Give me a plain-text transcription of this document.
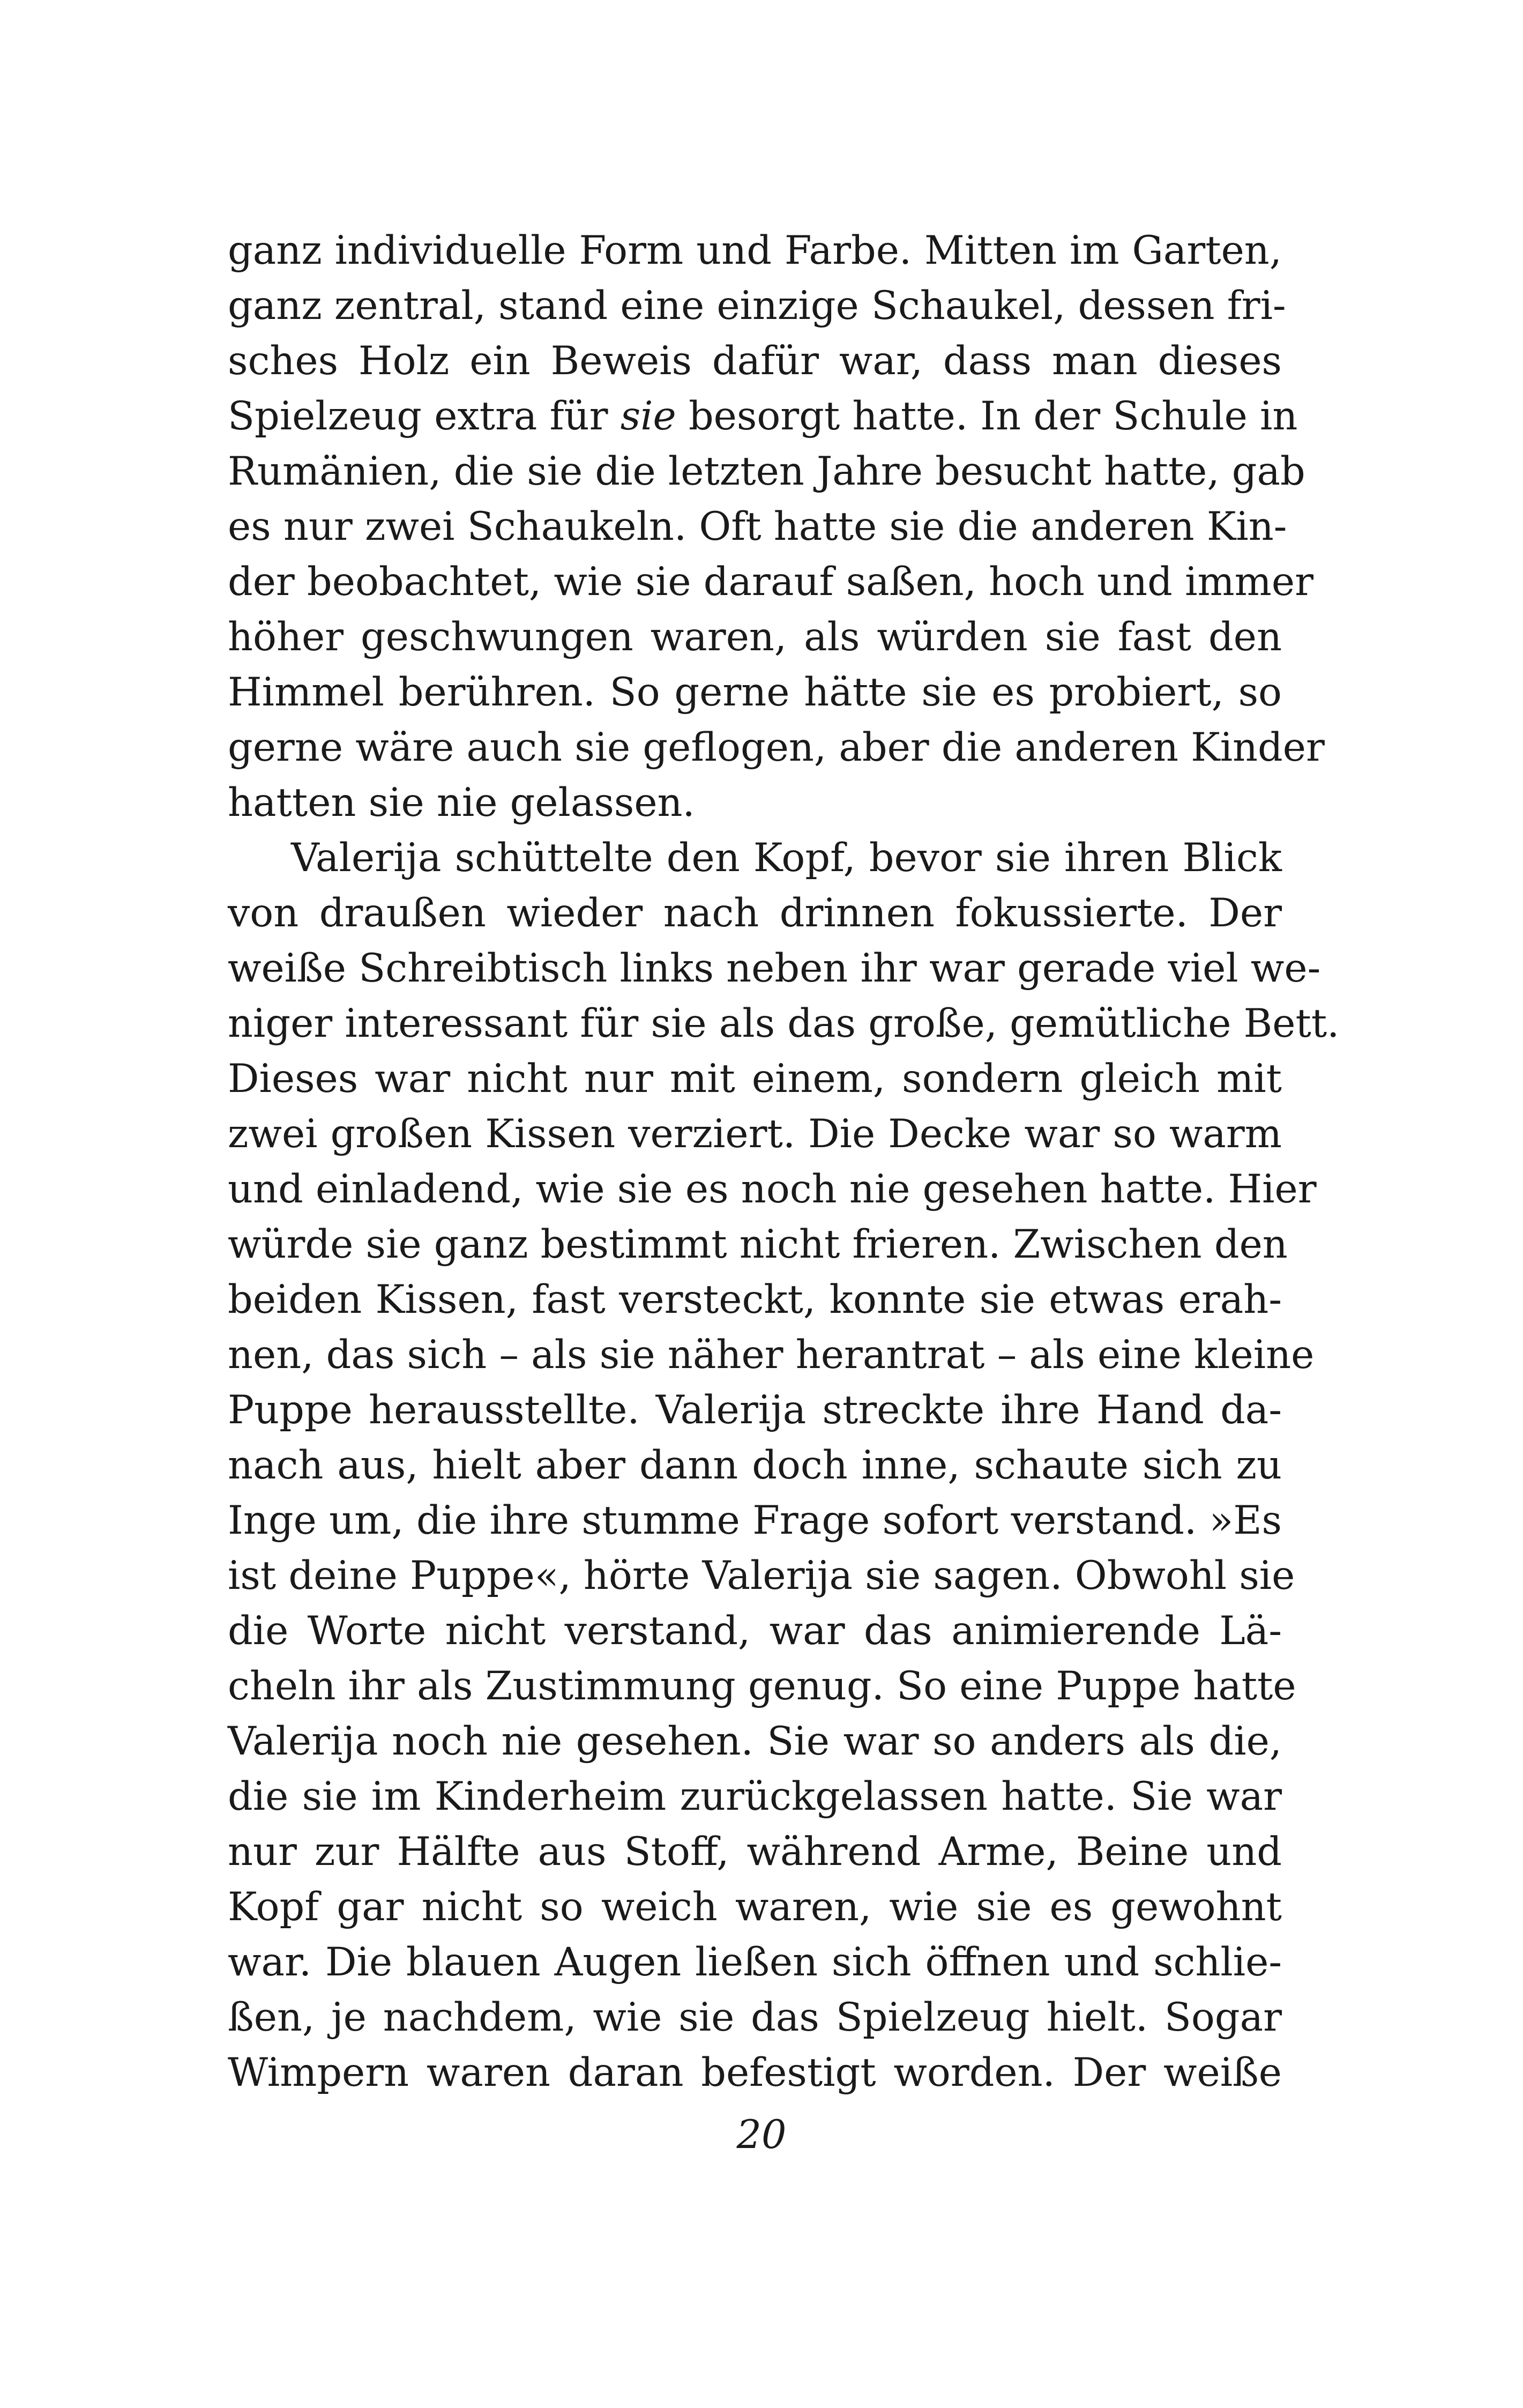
ganz individuelle Form und Farbe. Mitten im Garten,
ganz zentral, stand eine einzige Schaukel, dessen fri-
sches Holz ein Beweis dafür war, dass man dieses
Spielzeug extra für sie besorgt hatte. In der Schule in
Rumänien, die sie die letzten Jahre besucht hatte, gab
es nur zwei Schaukeln. Oft hatte sie die anderen Kin-
der beobachtet, wie sie darauf saßen, hoch und immer
höher geschwungen waren, als würden sie fast den
Himmel berühren. So gerne hätte sie es probiert, so
gerne wäre auch sie geflogen, aber die anderen Kinder
hatten sie nie gelassen.
Valerija schüttelte den Kopf, bevor sie ihren Blick
von draußen wieder nach drinnen fokussierte. Der
weiße Schreibtisch links neben ihr war gerade viel we-
niger interessant für sie als das große, gemütliche Bett.
Dieses war nicht nur mit einem, sondern gleich mit
zwei großen Kissen verziert. Die Decke war so warm
und einladend, wie sie es noch nie gesehen hatte. Hier
würde sie ganz bestimmt nicht frieren. Zwischen den
beiden Kissen, fast versteckt, konnte sie etwas erah-
nen, das sich – als sie näher herantrat – als eine kleine
Puppe herausstellte. Valerija streckte ihre Hand da-
nach aus, hielt aber dann doch inne, schaute sich zu
Inge um, die ihre stumme Frage sofort verstand. »Es
ist deine Puppe«, hörte Valerija sie sagen. Obwohl sie
die Worte nicht verstand, war das animierende Lä-
cheln ihr als Zustimmung genug. So eine Puppe hatte
Valerija noch nie gesehen. Sie war so anders als die,
die sie im Kinderheim zurückgelassen hatte. Sie war
nur zur Hälfte aus Stoff, während Arme, Beine und
Kopf gar nicht so weich waren, wie sie es gewohnt
war. Die blauen Augen ließen sich öffnen und schlie-
ßen, je nachdem, wie sie das Spielzeug hielt. Sogar
Wimpern waren daran befestigt worden. Der weiße
20
